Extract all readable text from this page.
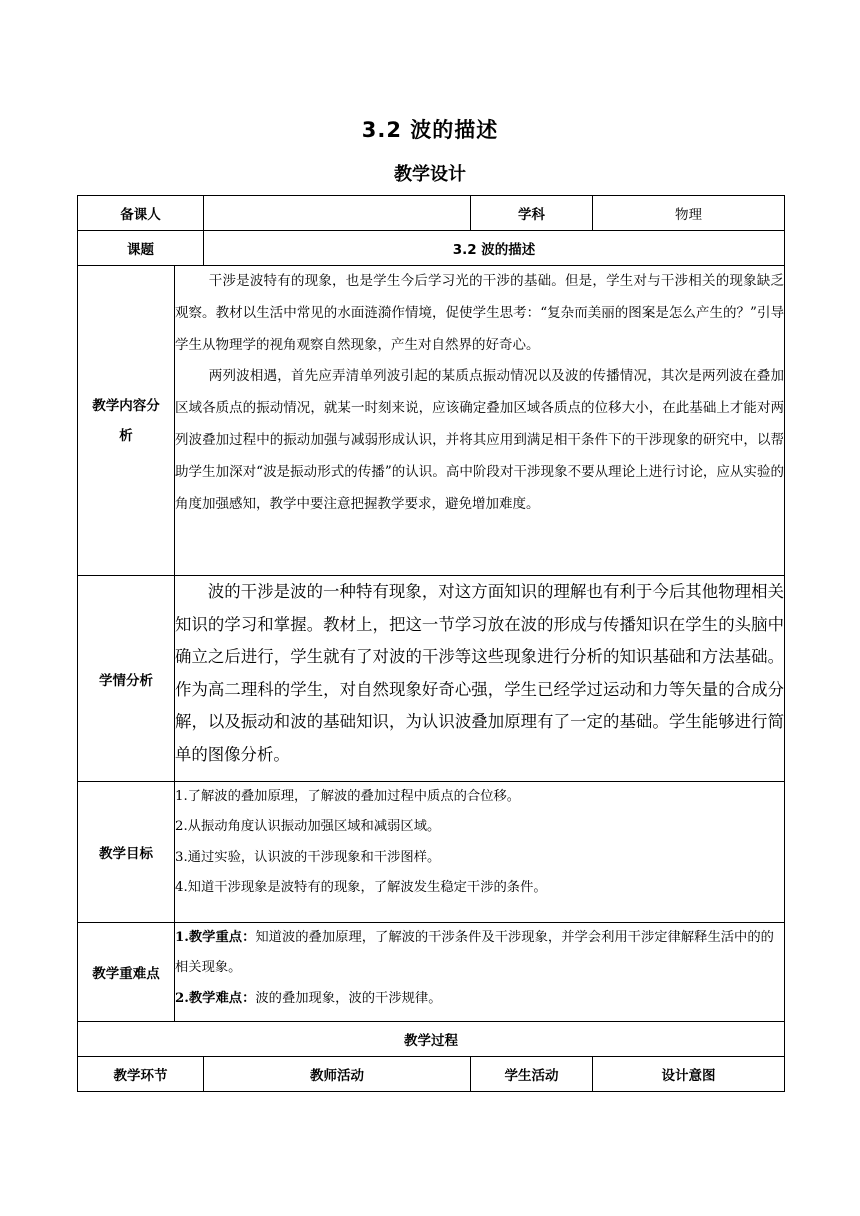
3.2 波的描述
教学设计
备课人			学科	物理
课题		3.2 波的描述		
教学内容分析	干涉是波特有的现象，也是学生今后学习光的干涉的基础。但是，学生对与干涉相关的现象缺乏观察。教材以生活中常见的水面涟漪作情境，促使学生思考：“复杂而美丽的图案是怎么产生的？”引导学生从物理学的视角观察自然现象，产生对自然界的好奇心。

两列波相遇，首先应弄清单列波引起的某质点振动情况以及波的传播情况，其次是两列波在叠加区域各质点的振动情况，就某一时刻来说，应该确定叠加区域各质点的位移大小，在此基础上才能对两列波叠加过程中的振动加强与减弱形成认识，并将其应用到满足相干条件下的干涉现象的研究中，以帮助学生加深对“波是振动形式的传播”的认识。高中阶段对干涉现象不要从理论上进行讨论，应从实验的角度加强感知，教学中要注意把握教学要求，避免增加难度。			

学情分析	波的干涉是波的一种特有现象，对这方面知识的理解也有利于今后其他物理相关知识的学习和掌握。教材上，把这一节学习放在波的形成与传播知识在学生的头脑中确立之后进行，学生就有了对波的干涉等这些现象进行分析的知识基础和方法基础。作为高二理科的学生，对自然现象好奇心强，学生已经学过运动和力等矢量的合成分解，以及振动和波的基础知识，为认识波叠加原理有了一定的基础。学生能够进行简单的图像分析。			

教学目标	1.了解波的叠加原理，了解波的叠加过程中质点的合位移。

2.从振动角度认识振动加强区域和减弱区域。

3.通过实验，认识波的干涉现象和干涉图样。

4.知道干涉现象是波特有的现象，了解波发生稳定干涉的条件。			

教学重难点	1.教学重点：知道波的叠加原理，了解波的干涉条件及干涉现象，并学会利用干涉定律解释生活中的的相关现象。

2.教学难点：波的叠加现象，波的干涉规律。			

教学过程				
教学环节		教师活动	学生活动	设计意图
